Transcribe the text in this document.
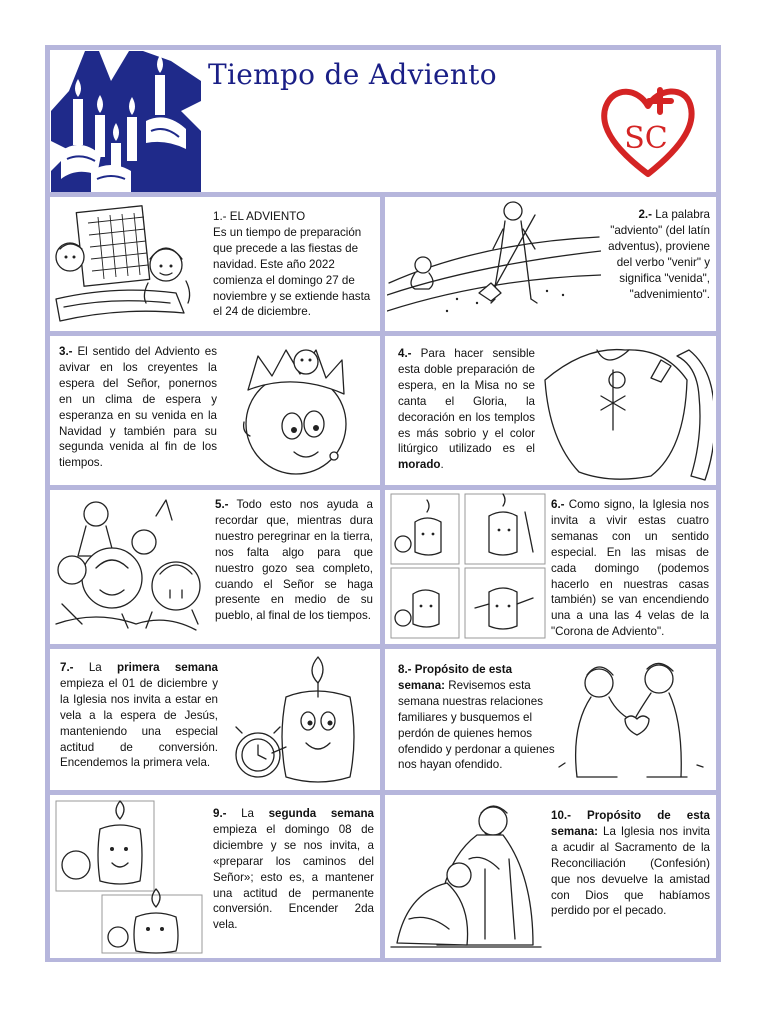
Tiempo de Adviento
SC
1.- EL ADVIENTO
Es un tiempo de preparación que precede a las fiestas de navidad. Este año 2022 comienza el domingo 27 de noviembre y se extiende hasta el 24 de diciembre.
2.- La palabra "adviento" (del latín adventus), proviene del verbo "venir" y significa "venida", "advenimiento".
3.- El sentido del Adviento es avivar en los creyentes la espera del Señor, ponernos en un clima de espera y esperanza en su venida en la Navidad y también para su segunda venida al fin de los tiempos.
4.- Para hacer sensible esta doble preparación de espera, en la Misa no se canta el Gloria, la decoración en los templos es más sobrio y el color litúrgico utilizado es el morado.
5.- Todo esto nos ayuda a recordar que, mientras dura nuestro peregrinar en la tierra, nos falta algo para que nuestro gozo sea completo, cuando el Señor se haga presente en medio de su pueblo, al final de los tiempos.
6.- Como signo, la Iglesia nos invita a vivir estas cuatro semanas con un sentido especial. En las misas de cada domingo (podemos hacerlo en nuestras casas también) se van encendiendo una a una las 4 velas de la "Corona de Adviento".
7.- La primera semana empieza el 01 de diciembre y la Iglesia nos invita a estar en vela a la espera de Jesús, manteniendo una especial actitud de conversión. Encendemos la primera vela.
8.- Propósito de esta semana: Revisemos esta semana nuestras relaciones familiares y busquemos el perdón de quienes hemos ofendido y perdonar a quienes nos hayan ofendido.
9.- La segunda semana empieza el domingo 08 de diciembre y se nos invita, a «preparar los caminos del Señor»; esto es, a mantener una actitud de permanente conversión. Encender 2da vela.
10.- Propósito de esta semana: La Iglesia nos invita a acudir al Sacramento de la Reconciliación (Confesión) que nos devuelve la amistad con Dios que habíamos perdido por el pecado.
